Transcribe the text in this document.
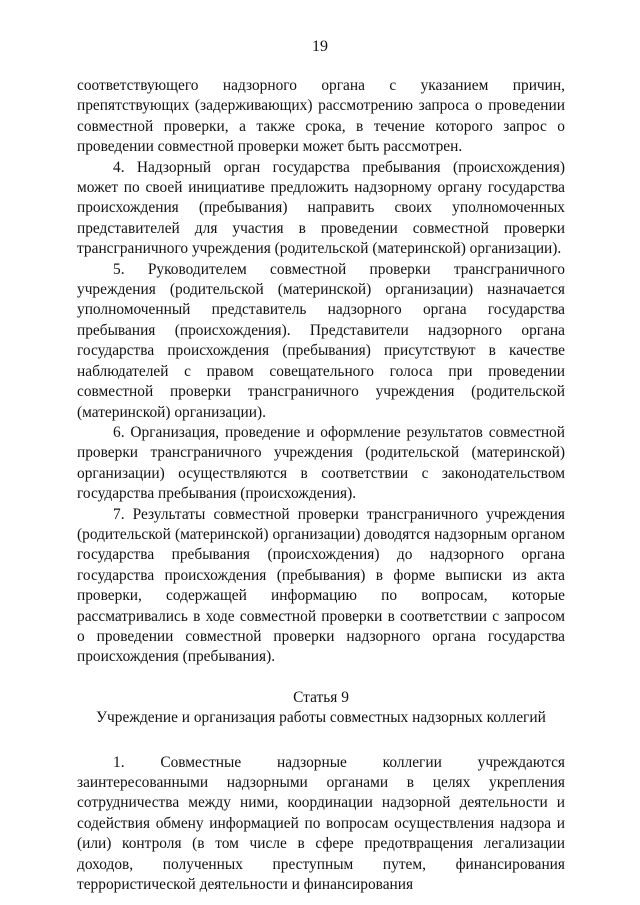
19

соответствующего надзорного органа с указанием причин, препятствующих (задерживающих) рассмотрению запроса о проведении совместной проверки, а также срока, в течение которого запрос о проведении совместной проверки может быть рассмотрен.

4. Надзорный орган государства пребывания (происхождения) может по своей инициативе предложить надзорному органу государства происхождения (пребывания) направить своих уполномоченных представителей для участия в проведении совместной проверки трансграничного учреждения (родительской (материнской) организации).

5. Руководителем совместной проверки трансграничного учреждения (родительской (материнской) организации) назначается уполномоченный представитель надзорного органа государства пребывания (происхождения). Представители надзорного органа государства происхождения (пребывания) присутствуют в качестве наблюдателей с правом совещательного голоса при проведении совместной проверки трансграничного учреждения (родительской (материнской) организации).

6. Организация, проведение и оформление результатов совместной проверки трансграничного учреждения (родительской (материнской) организации) осуществляются в соответствии с законодательством государства пребывания (происхождения).

7. Результаты совместной проверки трансграничного учреждения (родительской (материнской) организации) доводятся надзорным органом государства пребывания (происхождения) до надзорного органа государства происхождения (пребывания) в форме выписки из акта проверки, содержащей информацию по вопросам, которые рассматривались в ходе совместной проверки в соответствии с запросом о проведении совместной проверки надзорного органа государства происхождения (пребывания).

Статья 9

Учреждение и организация работы совместных надзорных коллегий

1. Совместные надзорные коллегии учреждаются заинтересованными надзорными органами в целях укрепления сотрудничества между ними, координации надзорной деятельности и содействия обмену информацией по вопросам осуществления надзора и (или) контроля (в том числе в сфере предотвращения легализации доходов, полученных преступным путем, финансирования террористической деятельности и финансирования
